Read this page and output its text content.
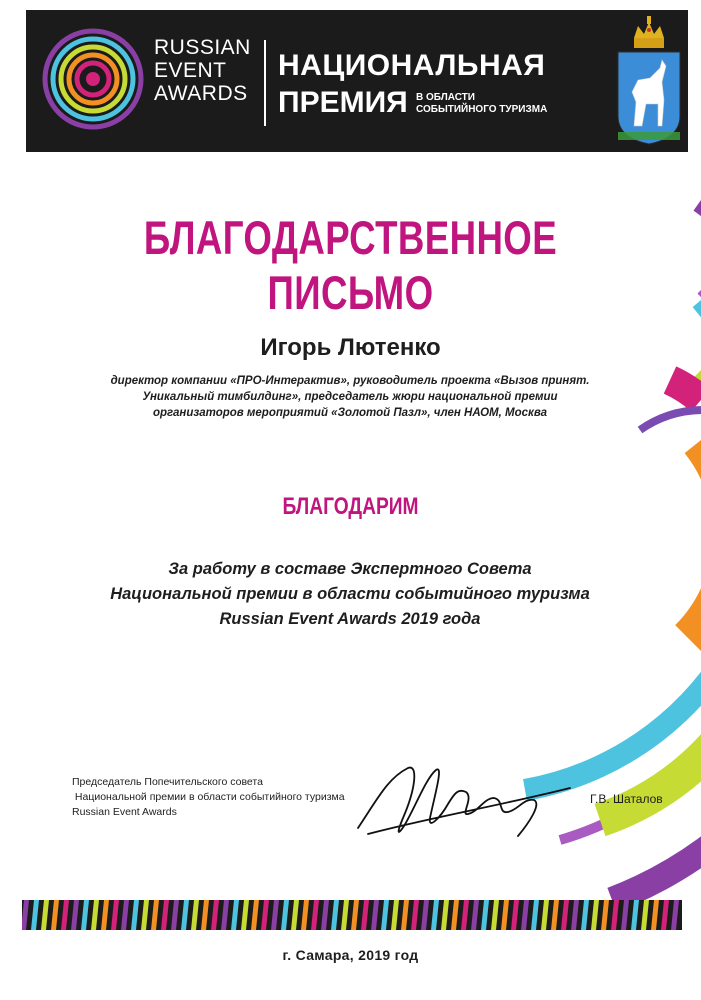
RUSSIAN
EVENT
AWARDS
НАЦИОНАЛЬНАЯ
ПРЕМИЯ В ОБЛАСТИ
СОБЫТИЙНОГО ТУРИЗМА
БЛАГОДАРСТВЕННОЕ ПИСЬМО
Игорь Лютенко
директор компании «ПРО-Интерактив», руководитель проекта «Вызов принят.
Уникальный тимбилдинг», председатель жюри национальной премии
организаторов мероприятий «Золотой Пазл», член НАОМ, Москва
БЛАГОДАРИМ
За работу в составе Экспертного Совета
Национальной премии в области событийного туризма
Russian Event Awards 2019 года
Председатель Попечительского совета
Национальной премии в области событийного туризма
Russian Event Awards
Г.В. Шаталов
г. Самара, 2019 год
